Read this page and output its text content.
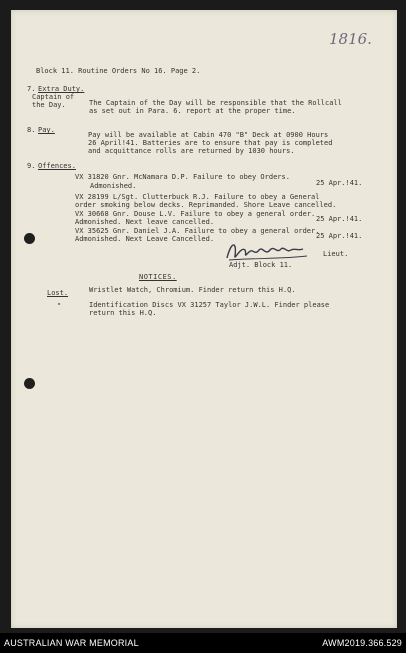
1816.
Block 11. Routine Orders No 16. Page 2.
7. Extra Duty.
Captain of the Day.	The Captain of the Day will be responsible that the Rollcall
as set out in Para. 6. report at the proper time.
8. Pay.
Pay will be available at Cabin 470 "B" Deck at 0900 Hours
26 April!41. Batteries are to ensure that pay is completed
and acquittance rolls are returned by 1030 hours.
9. Offences.
VX 31820 Gnr. McNamara D.P. Failure to obey Orders.
Admonished.	25 Apr.!41.
VX 28199 L/Sgt. Clutterbuck R.J. Failure to obey a General
order smoking below decks. Reprimanded. Shore Leave cancelled.
VX 30668 Gnr. Douse L.V. Failure to obey a general order.
Admonished. Next leave cancelled.	25 Apr.!41.
VX 35625 Gnr. Daniel J.A. Failure to obey a general order.
Admonished. Next Leave Cancelled.	25 Apr.!41.
Lieut.
Adjt. Block 11.
NOTICES.
Lost.	Wristlet Watch, Chromium. Finder return this H.Q.
"	Identification Discs VX 31257 Taylor J.W.L. Finder please
return this H.Q.
AUSTRALIAN WAR MEMORIAL	AWM2019.366.529
